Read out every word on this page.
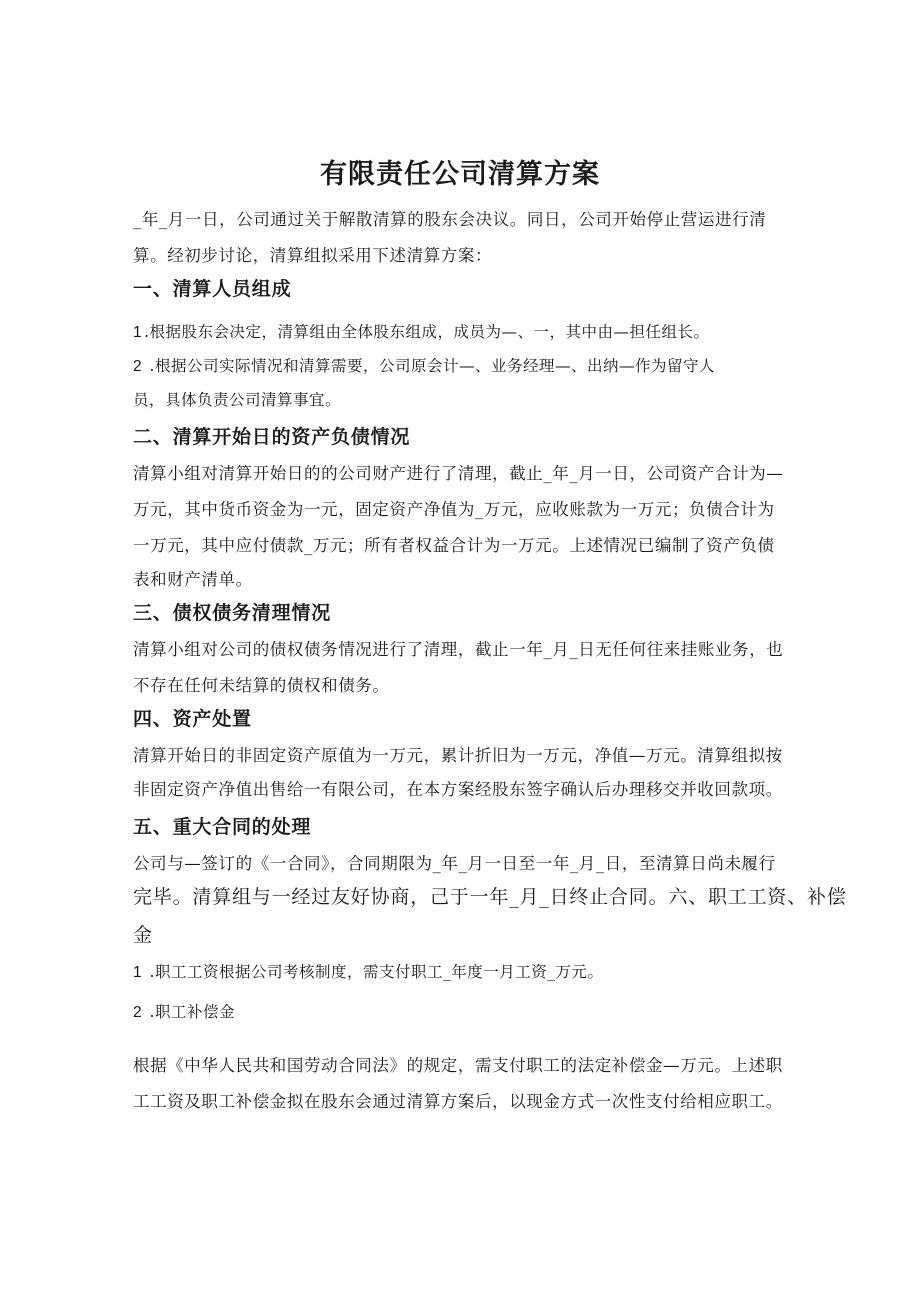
有限责任公司清算方案

_年_月一日，公司通过关于解散清算的股东会决议。同日，公司开始停止营运进行清

算。经初步讨论，清算组拟采用下述清算方案：

一、清算人员组成

1 .根据股东会决定，清算组由全体股东组成，成员为—、一，其中由—担任组长。

2 .根据公司实际情况和清算需要，公司原会计—、业务经理—、出纳—作为留守人

员，具体负责公司清算事宜。

二、清算开始日的资产负债情况

清算小组对清算开始日的的公司财产进行了清理，截止_年_月一日，公司资产合计为—

万元，其中货币资金为一元，固定资产净值为_万元，应收账款为一万元；负债合计为

一万元，其中应付债款_万元；所有者权益合计为一万元。上述情况已编制了资产负债

表和财产清单。

三、债权债务清理情况

清算小组对公司的债权债务情况进行了清理，截止一年_月_日无任何往来挂账业务，也

不存在任何未结算的债权和债务。

四、资产处置

清算开始日的非固定资产原值为一万元，累计折旧为一万元，净值—万元。清算组拟按

非固定资产净值出售给一有限公司，在本方案经股东签字确认后办理移交并收回款项。

五、重大合同的处理

公司与—签订的《一合同》，合同期限为_年_月一日至一年_月_日，至清算日尚未履行

完毕。清算组与一经过友好协商，己于一年_月_日终止合同。六、职工工资、补偿

金

1 .职工工资根据公司考核制度，需支付职工_年度一月工资_万元。

2 .职工补偿金

根据《中华人民共和国劳动合同法》的规定，需支付职工的法定补偿金—万元。上述职

工工资及职工补偿金拟在股东会通过清算方案后，以现金方式一次性支付给相应职工。
